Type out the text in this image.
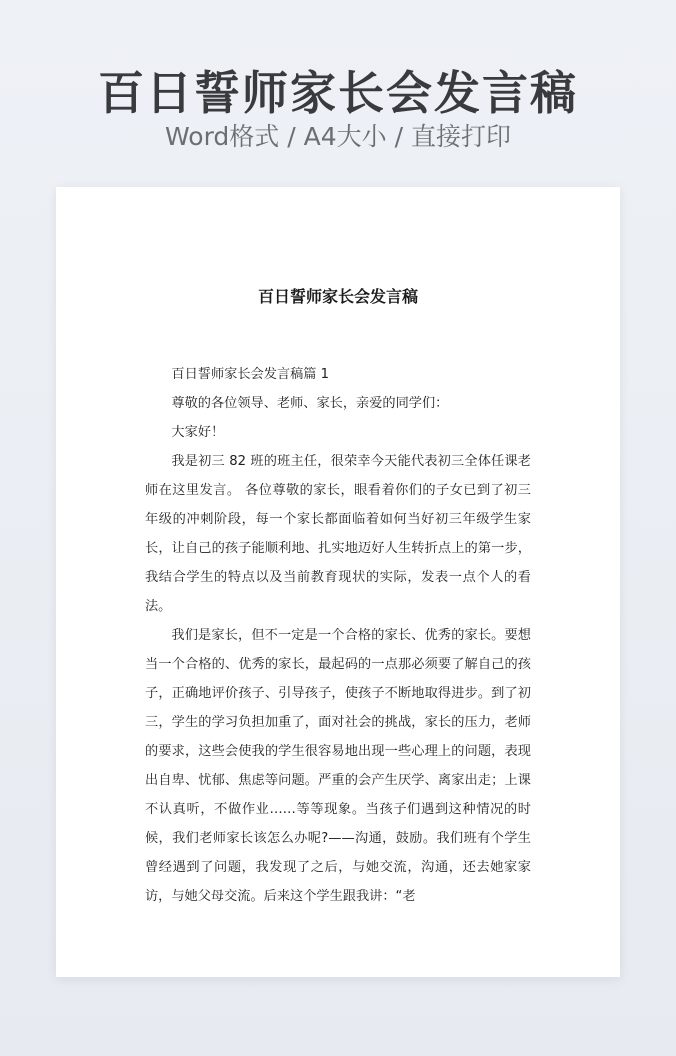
百日誓师家长会发言稿
Word格式 / A4大小 / 直接打印
百日誓师家长会发言稿

百日誓师家长会发言稿篇 1

尊敬的各位领导、老师、家长，亲爱的同学们：

大家好！

我是初三 82 班的班主任，很荣幸今天能代表初三全体任课老师在这里发言。 各位尊敬的家长，眼看着你们的子女已到了初三年级的冲刺阶段，每一个家长都面临着如何当好初三年级学生家长，让自己的孩子能顺利地、扎实地迈好人生转折点上的第一步，我结合学生的特点以及当前教育现状的实际，发表一点个人的看法。

我们是家长，但不一定是一个合格的家长、优秀的家长。要想当一个合格的、优秀的家长，最起码的一点那必须要了解自己的孩子，正确地评价孩子、引导孩子，使孩子不断地取得进步。到了初三，学生的学习负担加重了，面对社会的挑战，家长的压力，老师的要求，这些会使我的学生很容易地出现一些心理上的问题，表现出自卑、忧郁、焦虑等问题。严重的会产生厌学、离家出走；上课不认真听，不做作业……等等现象。当孩子们遇到这种情况的时候，我们老师家长该怎么办呢?——沟通，鼓励。我们班有个学生曾经遇到了问题，我发现了之后，与她交流，沟通，还去她家家访，与她父母交流。后来这个学生跟我讲：“老
